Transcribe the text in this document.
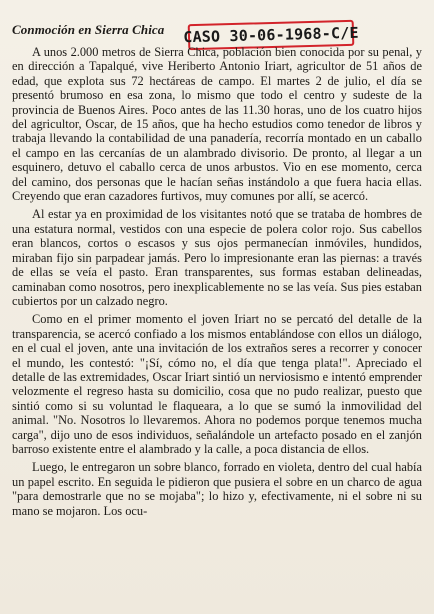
Conmoción en Sierra Chica CASO 30-06-1968-C/E

A unos 2.000 metros de Sierra Chica, población bien conocida por su penal, y en dirección a Tapalqué, vive Heriberto Antonio Iriart, agricultor de 51 años de edad, que explota sus 72 hectáreas de campo. El martes 2 de julio, el día se presentó brumoso en esa zona, lo mismo que todo el centro y sudeste de la provincia de Buenos Aires. Poco antes de las 11.30 horas, uno de los cuatro hijos del agricultor, Oscar, de 15 años, que ha hecho estudios como tenedor de libros y trabaja llevando la contabilidad de una panadería, recorría montado en un caballo el campo en las cercanías de un alambrado divisorio. De pronto, al llegar a un esquinero, detuvo el caballo cerca de unos arbustos. Vio en ese momento, cerca del camino, dos personas que le hacían señas instándolo a que fuera hacia ellas. Creyendo que eran cazadores furtivos, muy comunes por allí, se acercó.

Al estar ya en proximidad de los visitantes notó que se trataba de hombres de una estatura normal, vestidos con una especie de polera color rojo. Sus cabellos eran blancos, cortos o escasos y sus ojos permanecían inmóviles, hundidos, miraban fijo sin parpadear jamás. Pero lo impresionante eran las piernas: a través de ellas se veía el pasto. Eran transparentes, sus formas estaban delineadas, caminaban como nosotros, pero inexplicablemente no se las veía. Sus pies estaban cubiertos por un calzado negro.

Como en el primer momento el joven Iriart no se percató del detalle de la transparencia, se acercó confiado a los mismos entablándose con ellos un diálogo, en el cual el joven, ante una invitación de los extraños seres a recorrer y conocer el mundo, les contestó: "¡Sí, cómo no, el día que tenga plata!". Apreciado el detalle de las extremidades, Oscar Iriart sintió un nerviosismo e intentó emprender velozmente el regreso hasta su domicilio, cosa que no pudo realizar, puesto que sintió como si su voluntad le flaqueara, a lo que se sumó la inmovilidad del animal. "No. Nosotros lo llevaremos. Ahora no podemos porque tenemos mucha carga", dijo uno de esos individuos, señalándole un artefacto posado en el zanjón barroso existente entre el alambrado y la calle, a poca distancia de ellos.

Luego, le entregaron un sobre blanco, forrado en violeta, dentro del cual había un papel escrito. En seguida le pidieron que pusiera el sobre en un charco de agua "para demostrarle que no se mojaba"; lo hizo y, efectivamente, ni el sobre ni su mano se mojaron. Los ocu-
